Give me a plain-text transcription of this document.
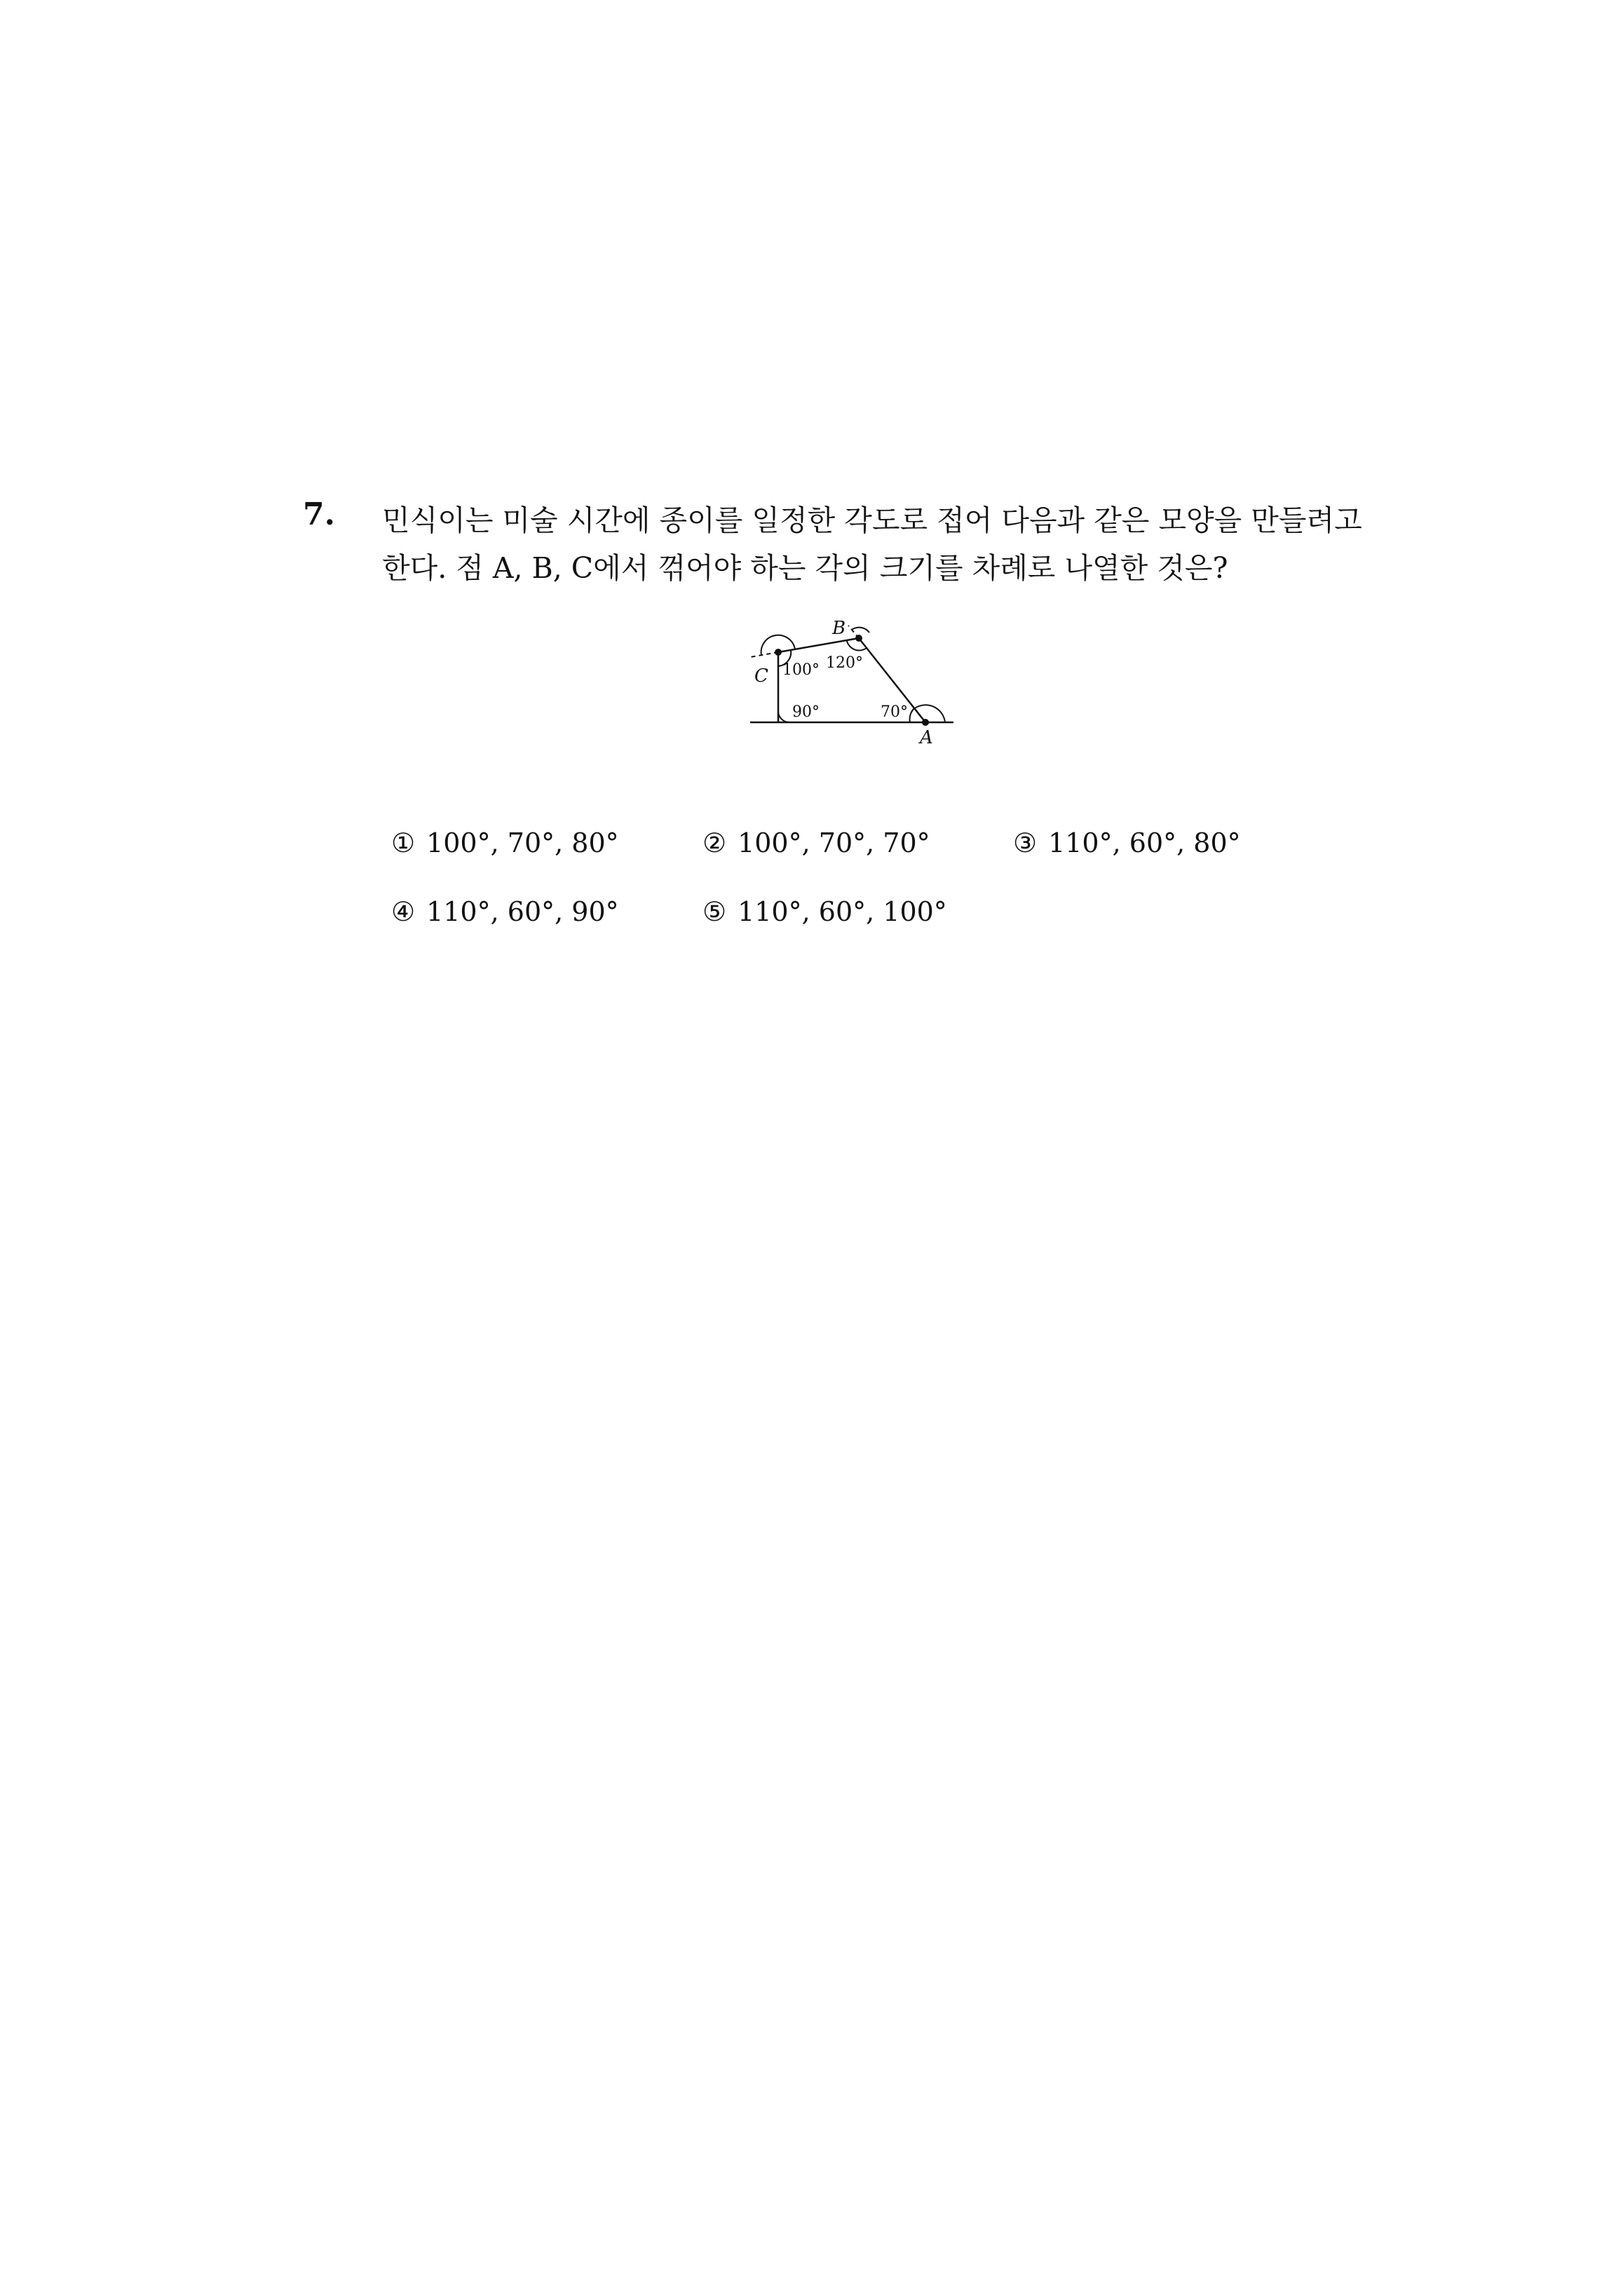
7. 민식이는 미술 시간에 종이를 일정한 각도로 접어 다음과 같은 모양을 만들려고
한다. 점 A, B, C에서 꺾어야 하는 각의 크기를 차례로 나열한 것은?
B
C
A
100° 120°
90°	70°
① 100°, 70°, 80°	② 100°, 70°, 70°	③ 110°, 60°, 80°
④ 110°, 60°, 90°	⑤ 110°, 60°, 100°
